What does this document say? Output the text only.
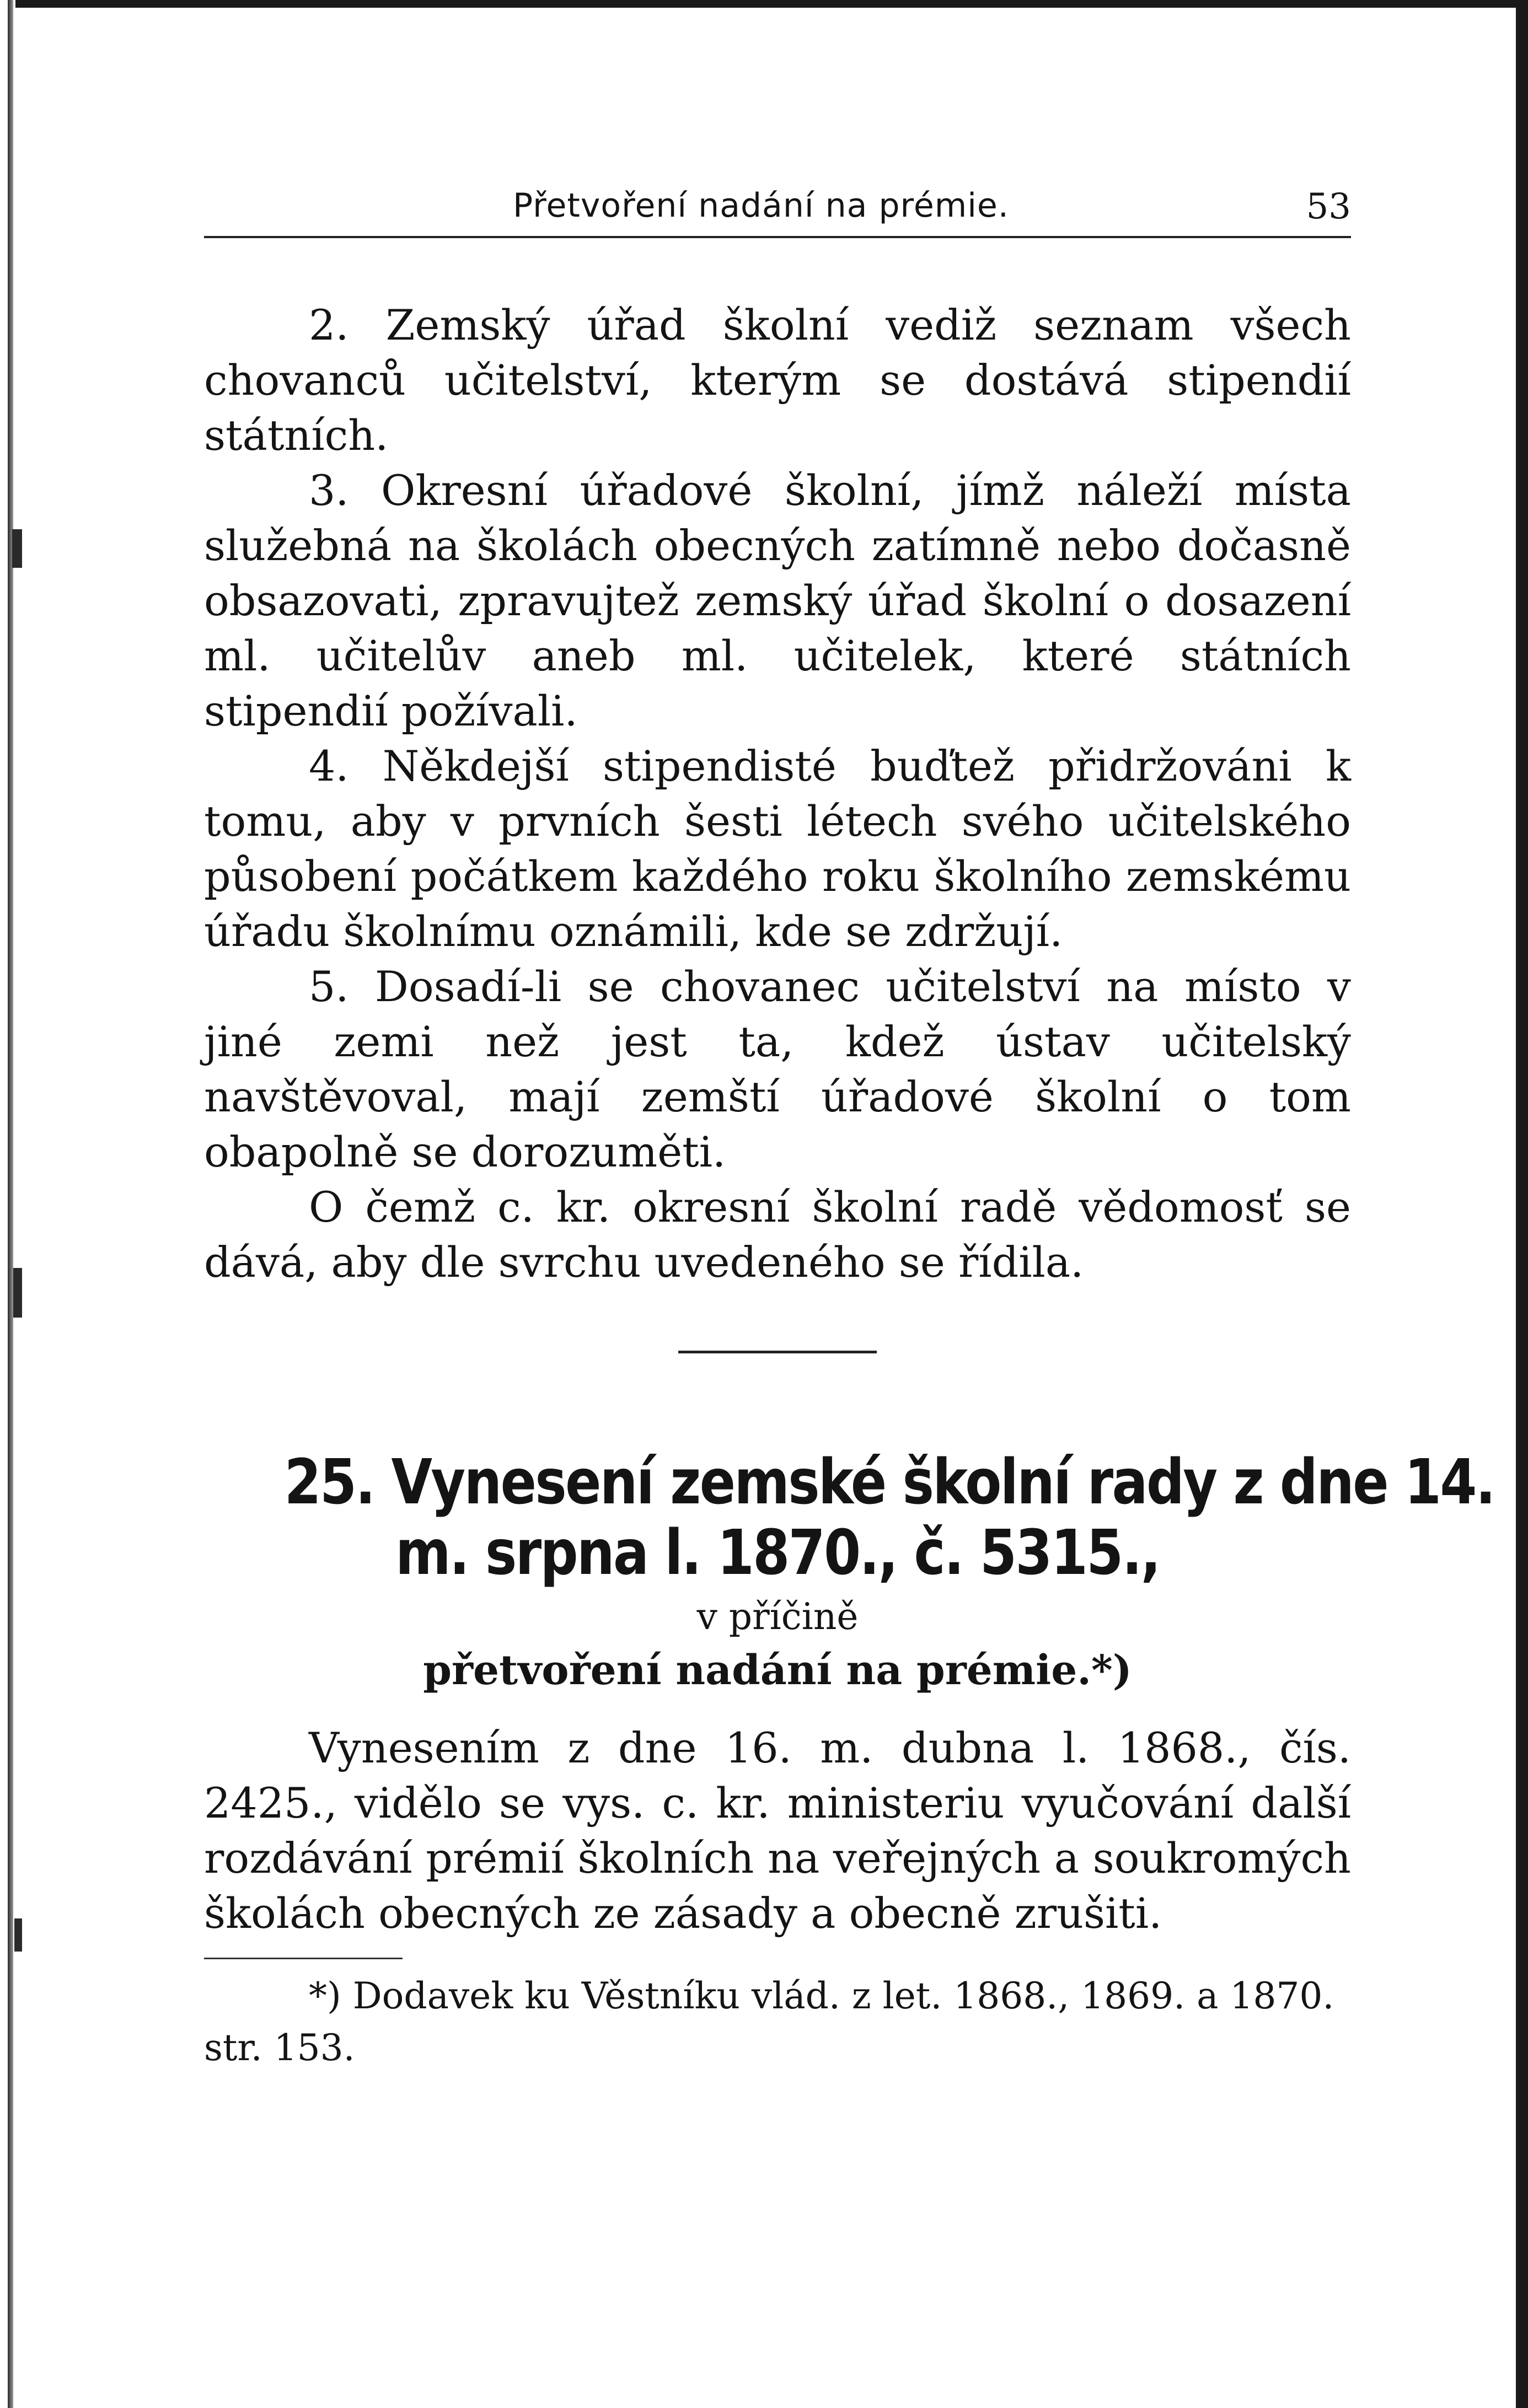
Přetvoření nadání na prémie.	53

2. Zemský úřad školní vediž seznam všech chovanců učitelství, kterým se dostává stipendií státních.

3. Okresní úřadové školní, jímž náleží místa služebná na školách obecných zatímně nebo dočasně obsazovati, zpravujtež zemský úřad školní o dosazení ml. učitelův aneb ml. učitelek, které státních stipendií požívali.

4. Někdejší stipendisté buďtež přidržováni k tomu, aby v prvních šesti létech svého učitelského působení počátkem každého roku školního zemskému úřadu školnímu oznámili, kde se zdržují.

5. Dosadí-li se chovanec učitelství na místo v jiné zemi než jest ta, kdež ústav učitelský navštěvoval, mají zemští úřadové školní o tom obapolně se dorozuměti.

O čemž c. kr. okresní školní radě vědomosť se dává, aby dle svrchu uvedeného se řídila.

25. Vynesení zemské školní rady z dne 14.
m. srpna l. 1870., č. 5315.,
v příčině
přetvoření nadání na prémie.*)

Vynesením z dne 16. m. dubna l. 1868., čís. 2425., vidělo se vys. c. kr. ministeriu vyučování další rozdávání prémií školních na veřejných a soukromých školách obecných ze zásady a obecně zrušiti.

*) Dodavek ku Věstníku vlád. z let. 1868., 1869. a 1870. str. 153.
